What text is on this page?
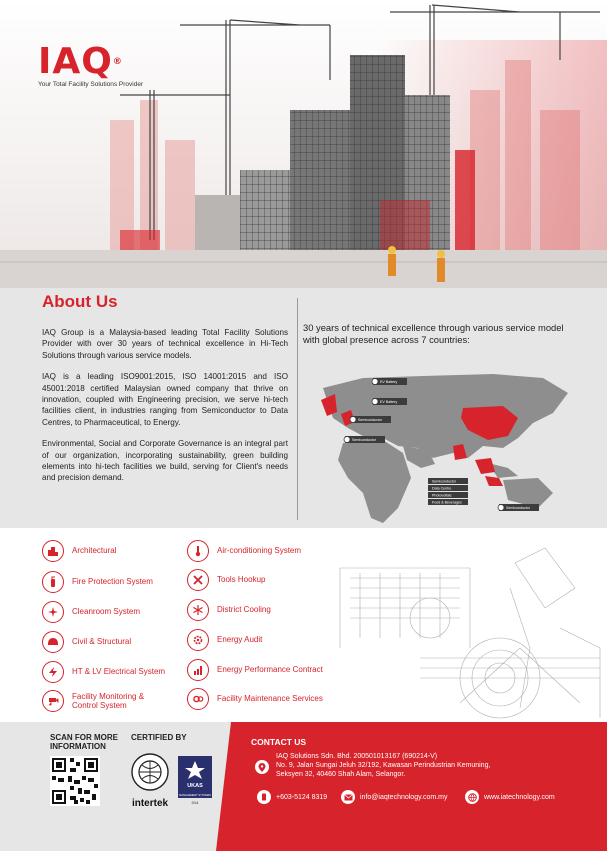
IAQ®
Your Total Facility Solutions Provider
About Us

IAQ Group is a Malaysia-based leading Total Facility Solutions Provider with over 30 years of technical excellence in Hi-Tech Solutions through various service models.

IAQ is a leading ISO9001:2015, ISO 14001:2015 and ISO 45001:2018 certified Malaysian owned company that thrive on innovation, coupled with Engineering precision, we serve hi-tech facilities client, in industries ranging from Semiconductor to Data Centres, to Pharmaceutical, to Energy.

Environmental, Social and Corporate Governance is an integral part of our organization, incorporating sustainability, green building elements into hi-tech facilities we build, serving for Client's needs and precision demand.

30 years of technical excellence through various service model with global presence across 7 countries:
EV Battery
EV Battery
Semiconductor
Semiconductor
Semiconductor
Data Centre
Photovoltaic
Food & Beverages
Semiconductor
Architectural
Fire Protection System
Cleanroom System
Civil & Structural
HT & LV Electrical System
Facility Monitoring & Control System
Air-conditioning System
Tools Hookup
District Cooling
Energy Audit
Energy Performance Contract
Facility Maintenance Services
SCAN FOR MORE INFORMATION
CERTIFIED BY
intertek
UKAS
MANAGEMENT SYSTEMS
014
CONTACT US
IAQ Solutions Sdn. Bhd. 200501013167 (690214-V)
No. 9, Jalan Sungai Jeluh 32/192, Kawasan Perindustrian Kemuning,
Seksyen 32, 40460 Shah Alam, Selangor.
+603-5124 8319	info@iaqtechnology.com.my	www.iatechnology.com
